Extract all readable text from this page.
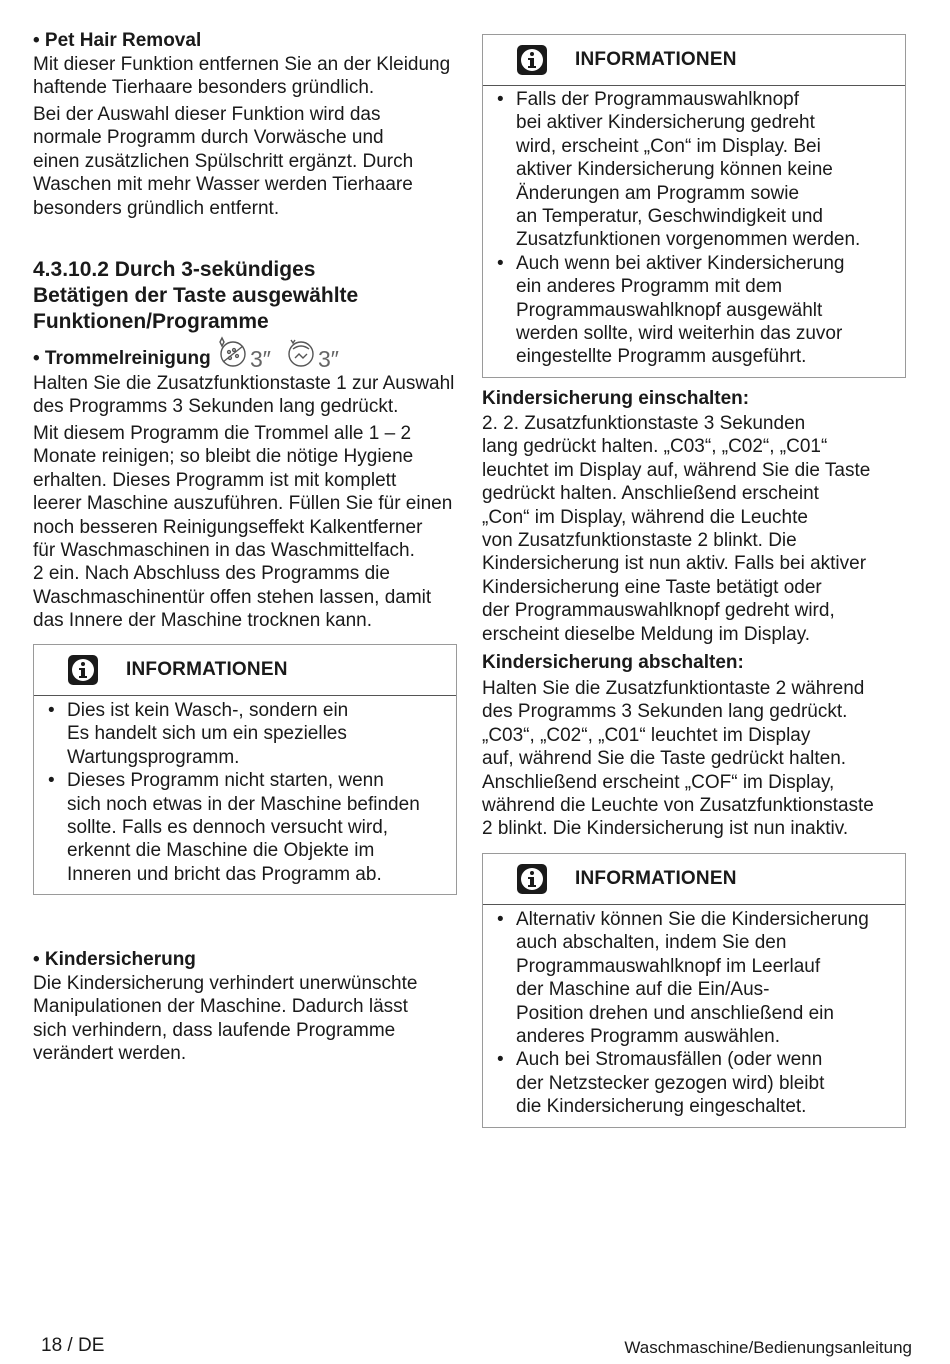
• Pet Hair Removal

Mit dieser Funktion entfernen Sie an der Kleidung
haftende Tierhaare besonders gründlich.

Bei der Auswahl dieser Funktion wird das
normale Programm durch Vorwäsche und
einen zusätzlichen Spülschritt ergänzt. Durch
Waschen mit mehr Wasser werden Tierhaare
besonders gründlich entfernt.

4.3.10.2 Durch 3-sekündiges
Betätigen der Taste ausgewählte
Funktionen/Programme

• Trommelreinigung 3″ 3″

Halten Sie die Zusatzfunktionstaste 1 zur Auswahl
des Programms 3 Sekunden lang gedrückt.

Mit diesem Programm die Trommel alle 1 – 2
Monate reinigen; so bleibt die nötige Hygiene
erhalten. Dieses Programm ist mit komplett
leerer Maschine auszuführen. Füllen Sie für einen
noch besseren Reinigungseffekt Kalkentferner
für Waschmaschinen in das Waschmittelfach.
2 ein. Nach Abschluss des Programms die
Waschmaschinentür offen stehen lassen, damit
das Innere der Maschine trocknen kann.

INFORMATIONEN
• Dies ist kein Wasch-, sondern ein
Es handelt sich um ein spezielles
Wartungsprogramm.
• Dieses Programm nicht starten, wenn
sich noch etwas in der Maschine befinden
sollte. Falls es dennoch versucht wird,
erkennt die Maschine die Objekte im
Inneren und bricht das Programm ab.

• Kindersicherung

Die Kindersicherung verhindert unerwünschte
Manipulationen der Maschine. Dadurch lässt
sich verhindern, dass laufende Programme
verändert werden.

INFORMATIONEN
• Falls der Programmauswahlknopf
bei aktiver Kindersicherung gedreht
wird, erscheint „Con“ im Display. Bei
aktiver Kindersicherung können keine
Änderungen am Programm sowie
an Temperatur, Geschwindigkeit und
Zusatzfunktionen vorgenommen werden.
• Auch wenn bei aktiver Kindersicherung
ein anderes Programm mit dem
Programmauswahlknopf ausgewählt
werden sollte, wird weiterhin das zuvor
eingestellte Programm ausgeführt.

Kindersicherung einschalten:

2. 2. Zusatzfunktionstaste 3 Sekunden
lang gedrückt halten. „C03“, „C02“, „C01“
leuchtet im Display auf, während Sie die Taste
gedrückt halten. Anschließend erscheint
„Con“ im Display, während die Leuchte
von Zusatzfunktionstaste 2 blinkt. Die
Kindersicherung ist nun aktiv. Falls bei aktiver
Kindersicherung eine Taste betätigt oder
der Programmauswahlknopf gedreht wird,
erscheint dieselbe Meldung im Display.

Kindersicherung abschalten:

Halten Sie die Zusatzfunktiontaste 2 während
des Programms 3 Sekunden lang gedrückt.
„C03“, „C02“, „C01“ leuchtet im Display
auf, während Sie die Taste gedrückt halten.
Anschließend erscheint „COF“ im Display,
während die Leuchte von Zusatzfunktionstaste
2 blinkt. Die Kindersicherung ist nun inaktiv.

INFORMATIONEN
• Alternativ können Sie die Kindersicherung
auch abschalten, indem Sie den
Programmauswahlknopf im Leerlauf
der Maschine auf die Ein/Aus-
Position drehen und anschließend ein
anderes Programm auswählen.
• Auch bei Stromausfällen (oder wenn
der Netzstecker gezogen wird) bleibt
die Kindersicherung eingeschaltet.
18 / DE	Waschmaschine/Bedienungsanleitung
